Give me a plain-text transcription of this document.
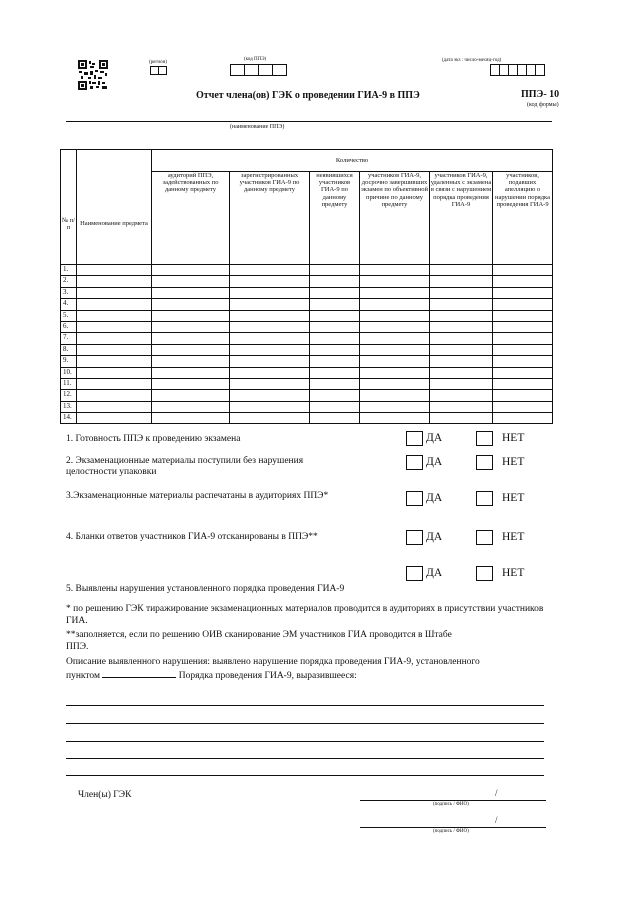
(регион)
(код ППЭ)	(дата экз : число-месяц-год)
Отчет члена(ов) ГЭК о проведении ГИА-9 в ППЭ	ППЭ- 10
(код формы)
(наименование ППЭ)
№ п/п	Наименование предмета	Количество					
		аудиторий ППЭ, задействованных по данному предмету	зарегистрированных участников ГИА-9 по данному предмету	неявившихся участников ГИА-9 по данному предмету	участников ГИА-9, досрочно завершивших экзамен по объективной причине по данному предмету	участников ГИА-9, удаленных с экзамена в связи с нарушением порядка проведения ГИА-9	участников, подавших апелляцию о нарушении порядка проведения ГИА-9
1.							
2.							
3.							
4.							
5.							
6.							
7.							
8.							
9.							
10.							
11.							
12.							
13.							
14.							
1. Готовность ППЭ к проведению экзамена	ДА	НЕТ
2. Экзаменационные материалы поступили без нарушения целостности упаковки
ДА	НЕТ
3.Экзаменационные материалы распечатаны в аудиториях ППЭ*	ДА	НЕТ
4. Бланки ответов участников ГИА-9 отсканированы в ППЭ**	ДА	НЕТ
ДА	НЕТ
5. Выявлены нарушения установленного порядка проведения ГИА-9
* по решению ГЭК тиражирование экзаменационных материалов проводится в аудиториях в присутствии участников ГИА.
**заполняется, если по решению ОИВ сканирование ЭМ участников ГИА проводится в Штабе ППЭ.
Описание выявленного нарушения: выявлено нарушение порядка проведения ГИА-9, установленного
пунктом	Порядка проведения ГИА-9, выразившееся:
Член(ы) ГЭК	/
(подпись / ФИО)
/
(подпись / ФИО)
